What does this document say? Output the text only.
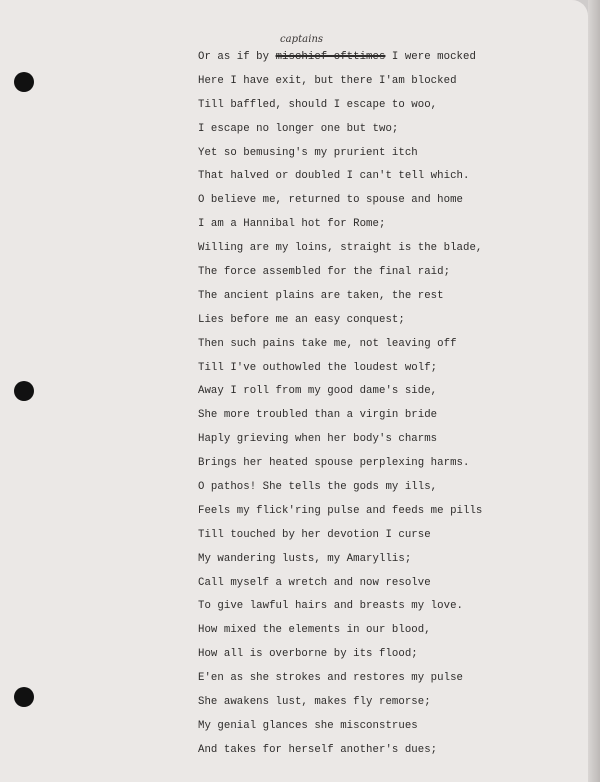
Or as if by mischief ofttimes I were mocked
captains
Here I have exit, but there I'am blocked
Till baffled, should I escape to woo,
I escape no longer one but two;
Yet so bemusing's my prurient itch
That halved or doubled I can't tell which.
O believe me, returned to spouse and home
I am a Hannibal hot for Rome;
Willing are my loins, straight is the blade,
The force assembled for the final raid;
The ancient plains are taken, the rest
Lies before me an easy conquest;
Then such pains take me, not leaving off
Till I've outhowled the loudest wolf;
Away I roll from my good dame's side,
She more troubled than a virgin bride
Haply grieving when her body's charms
Brings her heated spouse perplexing harms.
O pathos! She tells the gods my ills,
Feels my flick'ring pulse and feeds me pills
Till touched by her devotion I curse
My wandering lusts, my Amaryllis;
Call myself a wretch and now resolve
To give lawful hairs and breasts my love.
How mixed the elements in our blood,
How all is overborne by its flood;
E'en as she strokes and restores my pulse
She awakens lust, makes fly remorse;
My genial glances she misconstrues
And takes for herself another's dues;
